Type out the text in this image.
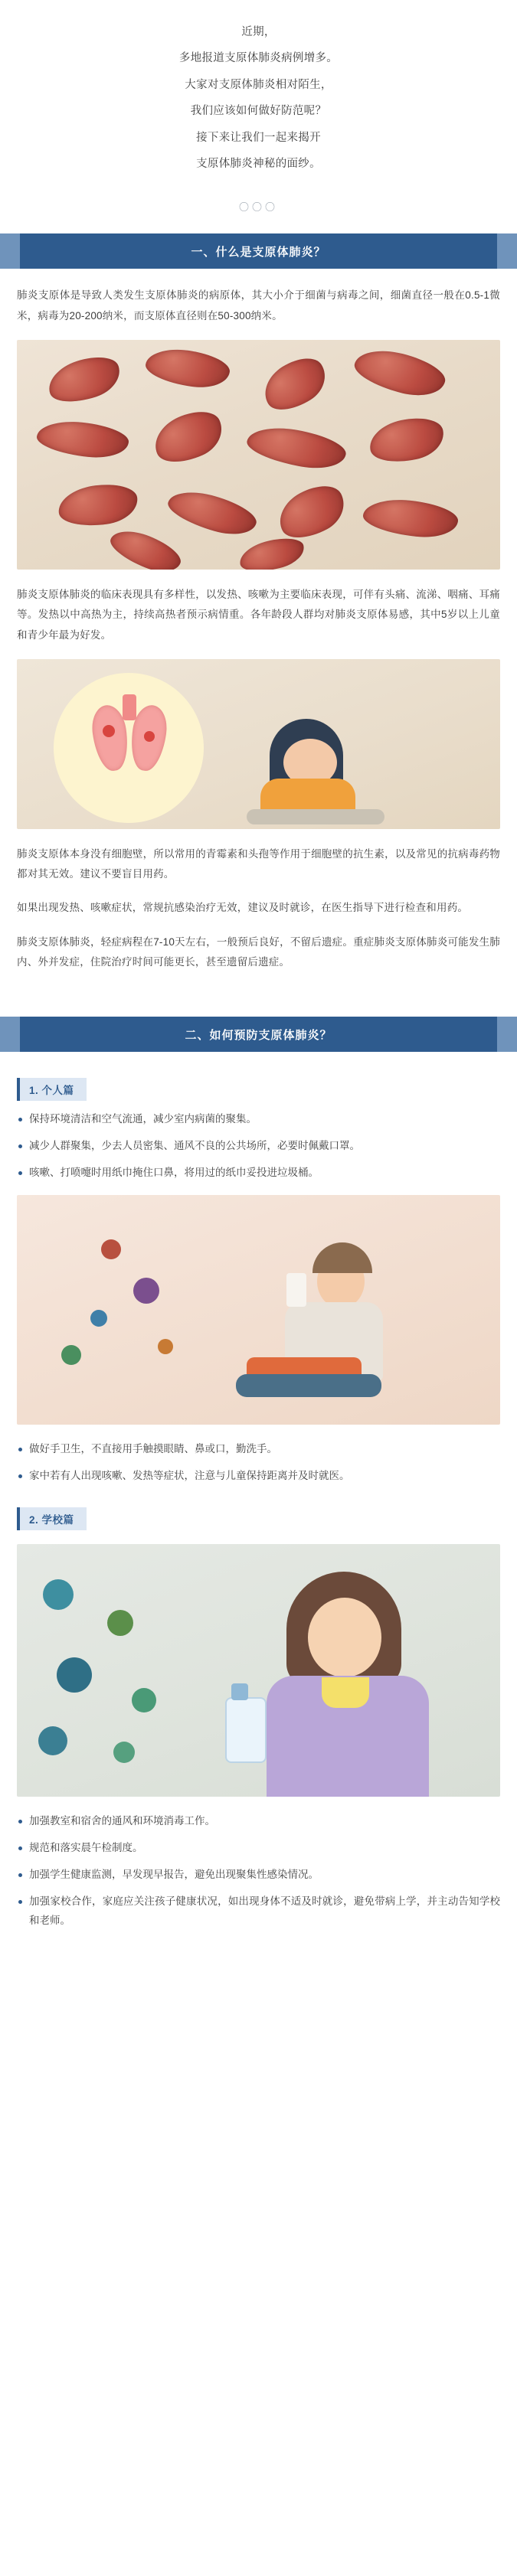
近期，

多地报道支原体肺炎病例增多。

大家对支原体肺炎相对陌生，

我们应该如何做好防范呢？

接下来让我们一起来揭开

支原体肺炎神秘的面纱。

〇〇〇
一、什么是支原体肺炎？

肺炎支原体是导致人类发生支原体肺炎的病原体，其大小介于细菌与病毒之间，细菌直径一般在0.5-1微米，病毒为20-200纳米，而支原体直径则在50-300纳米。

肺炎支原体肺炎的临床表现具有多样性，以发热、咳嗽为主要临床表现，可伴有头痛、流涕、咽痛、耳痛等。发热以中高热为主，持续高热者预示病情重。各年龄段人群均对肺炎支原体易感，其中5岁以上儿童和青少年最为好发。

肺炎支原体本身没有细胞壁，所以常用的青霉素和头孢等作用于细胞壁的抗生素，以及常见的抗病毒药物都对其无效。建议不要盲目用药。

如果出现发热、咳嗽症状，常规抗感染治疗无效，建议及时就诊，在医生指导下进行检查和用药。

肺炎支原体肺炎，轻症病程在7-10天左右，一般预后良好，不留后遗症。重症肺炎支原体肺炎可能发生肺内、外并发症，住院治疗时间可能更长，甚至遗留后遗症。

二、如何预防支原体肺炎？
1. 个人篇
保持环境清洁和空气流通，减少室内病菌的聚集。
减少人群聚集，少去人员密集、通风不良的公共场所，必要时佩戴口罩。
咳嗽、打喷嚏时用纸巾掩住口鼻，将用过的纸巾妥投进垃圾桶。
做好手卫生，不直接用手触摸眼睛、鼻或口，勤洗手。
家中若有人出现咳嗽、发热等症状，注意与儿童保持距离并及时就医。
2. 学校篇
加强教室和宿舍的通风和环境消毒工作。
规范和落实晨午检制度。
加强学生健康监测，早发现早报告，避免出现聚集性感染情况。
加强家校合作，家庭应关注孩子健康状况，如出现身体不适及时就诊，避免带病上学，并主动告知学校和老师。
